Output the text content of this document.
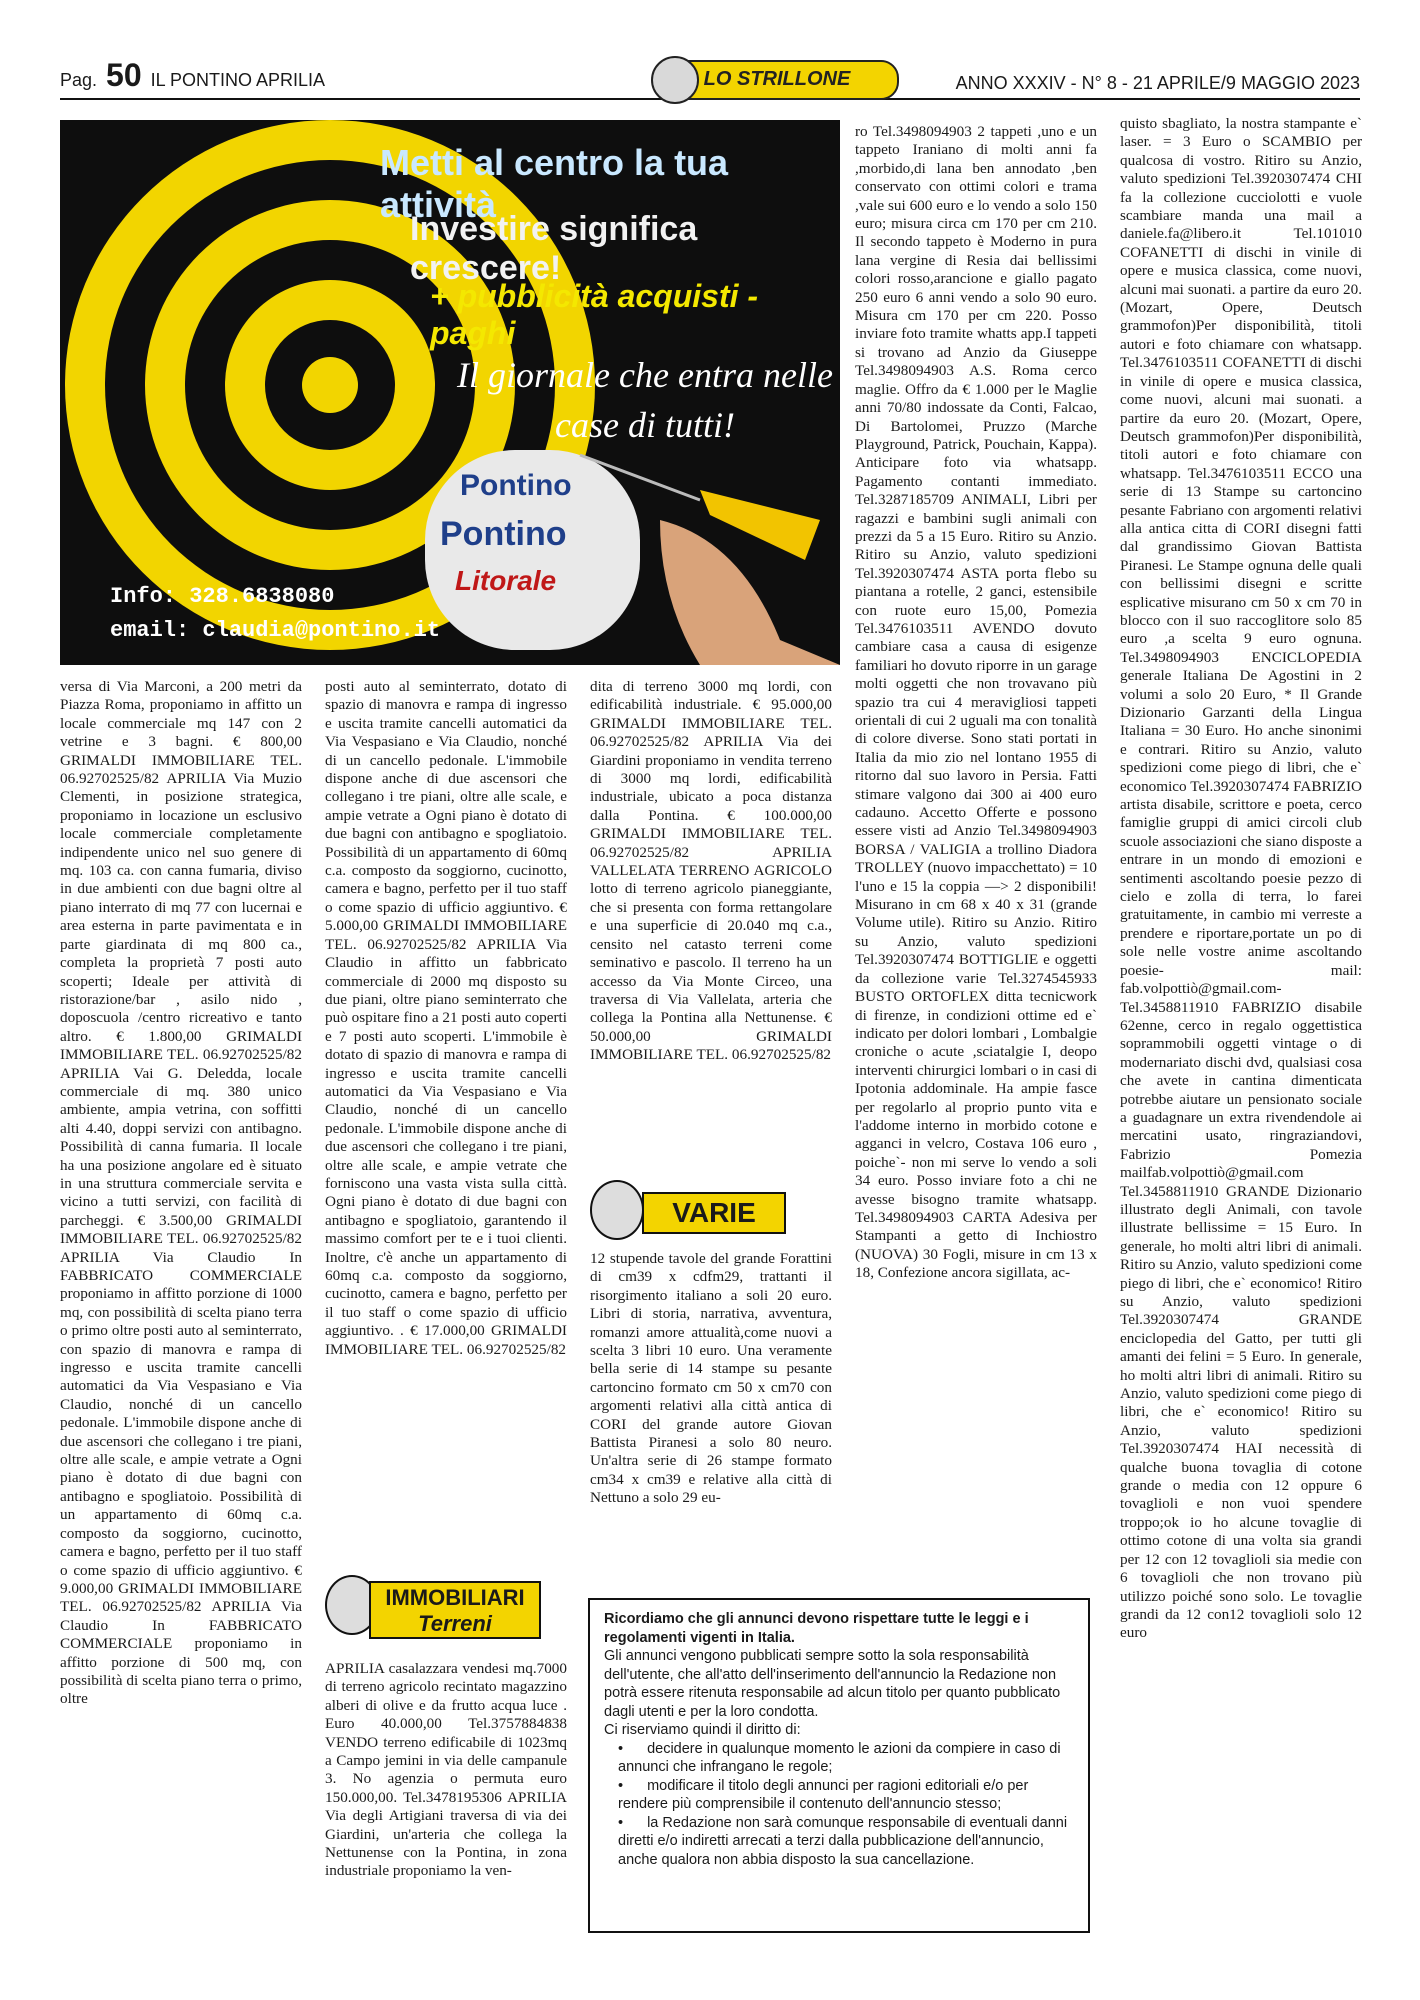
Pag. 50 IL PONTINO APRILIA	LO STRILLONE	ANNO XXXIV - N° 8 - 21 APRILE/9 MAGGIO 2023
Pontino
Pontino
Litorale
Metti al centro la tua attività
Investire significa crescere!
+ pubblicità acquisti - paghi
Il giornale che entra nelle case di tutti!
Info: 328.6838080
email: claudia@pontino.it

versa di Via Marconi, a 200 metri da Piazza Roma, proponiamo in affitto un locale commerciale mq 147 con 2 vetrine e 3 bagni. € 800,00 GRIMALDI IMMOBILIARE TEL. 06.92702525/82 APRILIA Via Muzio Clementi, in posizione strategica, proponiamo in locazione un esclusivo locale commerciale completamente indipendente unico nel suo genere di mq. 103 ca. con canna fumaria, diviso in due ambienti con due bagni oltre al piano interrato di mq 77 con lucernai e area esterna in parte pavimentata e in parte giardinata di mq 800 ca., completa la proprietà 7 posti auto scoperti; Ideale per attività di ristorazione/bar , asilo nido , doposcuola /centro ricreativo e tanto altro. € 1.800,00 GRIMALDI IMMOBILIARE TEL. 06.92702525/82 APRILIA Vai G. Deledda, locale commerciale di mq. 380 unico ambiente, ampia vetrina, con soffitti alti 4.40, doppi servizi con antibagno. Possibilità di canna fumaria. Il locale ha una posizione angolare ed è situato in una struttura commerciale servita e vicino a tutti servizi, con facilità di parcheggi. € 3.500,00 GRIMALDI IMMOBILIARE TEL. 06.92702525/82 APRILIA Via Claudio In FABBRICATO COMMERCIALE proponiamo in affitto porzione di 1000 mq, con possibilità di scelta piano terra o primo oltre posti auto al seminterrato, con spazio di manovra e rampa di ingresso e uscita tramite cancelli automatici da Via Vespasiano e Via Claudio, nonché di un cancello pedonale. L'immobile dispone anche di due ascensori che collegano i tre piani, oltre alle scale, e ampie vetrate a Ogni piano è dotato di due bagni con antibagno e spogliatoio. Possibilità di un appartamento di 60mq c.a. composto da soggiorno, cucinotto, camera e bagno, perfetto per il tuo staff o come spazio di ufficio aggiuntivo. € 9.000,00 GRIMALDI IMMOBILIARE TEL. 06.92702525/82 APRILIA Via Claudio In FABBRICATO COMMERCIALE proponiamo in affitto porzione di 500 mq, con possibilità di scelta piano terra o primo, oltre

posti auto al seminterrato, dotato di spazio di manovra e rampa di ingresso e uscita tramite cancelli automatici da Via Vespasiano e Via Claudio, nonché di un cancello pedonale. L'immobile dispone anche di due ascensori che collegano i tre piani, oltre alle scale, e ampie vetrate a Ogni piano è dotato di due bagni con antibagno e spogliatoio. Possibilità di un appartamento di 60mq c.a. composto da soggiorno, cucinotto, camera e bagno, perfetto per il tuo staff o come spazio di ufficio aggiuntivo. € 5.000,00 GRIMALDI IMMOBILIARE TEL. 06.92702525/82 APRILIA Via Claudio in affitto un fabbricato commerciale di 2000 mq disposto su due piani, oltre piano seminterrato che può ospitare fino a 21 posti auto coperti e 7 posti auto scoperti. L'immobile è dotato di spazio di manovra e rampa di ingresso e uscita tramite cancelli automatici da Via Vespasiano e Via Claudio, nonché di un cancello pedonale. L'immobile dispone anche di due ascensori che collegano i tre piani, oltre alle scale, e ampie vetrate che forniscono una vasta vista sulla città. Ogni piano è dotato di due bagni con antibagno e spogliatoio, garantendo il massimo comfort per te e i tuoi clienti. Inoltre, c'è anche un appartamento di 60mq c.a. composto da soggiorno, cucinotto, camera e bagno, perfetto per il tuo staff o come spazio di ufficio aggiuntivo. . € 17.000,00 GRIMALDI IMMOBILIARE TEL. 06.92702525/82

IMMOBILIARI
Terreni

APRILIA casalazzara vendesi mq.7000 di terreno agricolo recintato magazzino alberi di olive e da frutto acqua luce . Euro 40.000,00 Tel.3757884838 VENDO terreno edificabile di 1023mq a Campo jemini in via delle campanule 3. No agenzia o permuta euro 150.000,00. Tel.3478195306 APRILIA Via degli Artigiani traversa di via dei Giardini, un'arteria che collega la Nettunense con la Pontina, in zona industriale proponiamo la ven-

dita di terreno 3000 mq lordi, con edificabilità industriale. € 95.000,00 GRIMALDI IMMOBILIARE TEL. 06.92702525/82 APRILIA Via dei Giardini proponiamo in vendita terreno di 3000 mq lordi, edificabilità industriale, ubicato a poca distanza dalla Pontina. € 100.000,00 GRIMALDI IMMOBILIARE TEL. 06.92702525/82 APRILIA VALLELATA TERRENO AGRICOLO lotto di terreno agricolo pianeggiante, che si presenta con forma rettangolare e una superficie di 20.040 mq c.a., censito nel catasto terreni come seminativo e pascolo. Il terreno ha un accesso da Via Monte Circeo, una traversa di Via Vallelata, arteria che collega la Pontina alla Nettunense. € 50.000,00 GRIMALDI IMMOBILIARE TEL. 06.92702525/82

VARIE

12 stupende tavole del grande Forattini di cm39 x cdfm29, trattanti il risorgimento italiano a soli 20 euro. Libri di storia, narrativa, avventura, romanzi amore attualità,come nuovi a scelta 3 libri 10 euro. Una veramente bella serie di 14 stampe su pesante cartoncino formato cm 50 x cm70 con argomenti relativi alla città antica di CORI del grande autore Giovan Battista Piranesi a solo 80 neuro. Un'altra serie di 26 stampe formato cm34 x cm39 e relative alla città di Nettuno a solo 29 eu-

ro Tel.3498094903 2 tappeti ,uno e un tappeto Iraniano di molti anni fa ,morbido,di lana ben annodato ,ben conservato con ottimi colori e trama ,vale sui 600 euro e lo vendo a solo 150 euro; misura circa cm 170 per cm 210. Il secondo tappeto è Moderno in pura lana vergine di Resia dai bellissimi colori rosso,arancione e giallo pagato 250 euro 6 anni vendo a solo 90 euro. Misura cm 170 per cm 220. Posso inviare foto tramite whatts app.I tappeti si trovano ad Anzio da Giuseppe Tel.3498094903 A.S. Roma cerco maglie. Offro da € 1.000 per le Maglie anni 70/80 indossate da Conti, Falcao, Di Bartolomei, Pruzzo (Marche Playground, Patrick, Pouchain, Kappa). Anticipare foto via whatsapp. Pagamento contanti immediato. Tel.3287185709 ANIMALI, Libri per ragazzi e bambini sugli animali con prezzi da 5 a 15 Euro. Ritiro su Anzio. Ritiro su Anzio, valuto spedizioni Tel.3920307474 ASTA porta flebo su piantana a rotelle, 2 ganci, estensibile con ruote euro 15,00, Pomezia Tel.3476103511 AVENDO dovuto cambiare casa a causa di esigenze familiari ho dovuto riporre in un garage molti oggetti che non trovavano più spazio tra cui 4 meravigliosi tappeti orientali di cui 2 uguali ma con tonalità di colore diverse. Sono stati portati in Italia da mio zio nel lontano 1955 di ritorno dal suo lavoro in Persia. Fatti stimare valgono dai 300 ai 400 euro cadauno. Accetto Offerte e possono essere visti ad Anzio Tel.3498094903 BORSA / VALIGIA a trollino Diadora TROLLEY (nuovo impacchettato) = 10 l'uno e 15 la coppia —> 2 disponibili! Misurano in cm 68 x 40 x 31 (grande Volume utile). Ritiro su Anzio. Ritiro su Anzio, valuto spedizioni Tel.3920307474 BOTTIGLIE e oggetti da collezione varie Tel.3274545933 BUSTO ORTOFLEX ditta tecnicwork di firenze, in condizioni ottime ed e` indicato per dolori lombari , Lombalgie croniche o acute ,sciatalgie I, deopo interventi chirurgici lombari o in casi di Ipotonia addominale. Ha ampie fasce per regolarlo al proprio punto vita e l'addome interno in morbido cotone e agganci in velcro, Costava 106 euro , poiche`- non mi serve lo vendo a soli 34 euro. Posso inviare foto a chi ne avesse bisogno tramite whatsapp. Tel.3498094903 CARTA Adesiva per Stampanti a getto di Inchiostro (NUOVA) 30 Fogli, misure in cm 13 x 18, Confezione ancora sigillata, ac-

quisto sbagliato, la nostra stampante e` laser. = 3 Euro o SCAMBIO per qualcosa di vostro. Ritiro su Anzio, valuto spedizioni Tel.3920307474 CHI fa la collezione cucciolotti e vuole scambiare manda una mail a daniele.fa@libero.it Tel.101010 COFANETTI di dischi in vinile di opere e musica classica, come nuovi, alcuni mai suonati. a partire da euro 20. (Mozart, Opere, Deutsch grammofon)Per disponibilità, titoli autori e foto chiamare con whatsapp. Tel.3476103511 COFANETTI di dischi in vinile di opere e musica classica, come nuovi, alcuni mai suonati. a partire da euro 20. (Mozart, Opere, Deutsch grammofon)Per disponibilità, titoli autori e foto chiamare con whatsapp. Tel.3476103511 ECCO una serie di 13 Stampe su cartoncino pesante Fabriano con argomenti relativi alla antica citta di CORI disegni fatti dal grandissimo Giovan Battista Piranesi. Le Stampe ognuna delle quali con bellissimi disegni e scritte esplicative misurano cm 50 x cm 70 in blocco con il suo raccoglitore solo 85 euro ,a scelta 9 euro ognuna. Tel.3498094903 ENCICLOPEDIA generale Italiana De Agostini in 2 volumi a solo 20 Euro, * Il Grande Dizionario Garzanti della Lingua Italiana = 30 Euro. Ho anche sinonimi e contrari. Ritiro su Anzio, valuto spedizioni come piego di libri, che e` economico Tel.3920307474 FABRIZIO artista disabile, scrittore e poeta, cerco famiglie gruppi di amici circoli club scuole associazioni che siano disposte a entrare in un mondo di emozioni e sentimenti ascoltando poesie pezzo di cielo e zolla di terra, lo farei gratuitamente, in cambio mi verreste a prendere e riportare,portate un po di sole nelle vostre anime ascoltando poesie- mail: fab.volpottiò@gmail.com-Tel.3458811910 FABRIZIO disabile 62enne, cerco in regalo oggettistica soprammobili oggetti vintage o di modernariato dischi dvd, qualsiasi cosa che avete in cantina dimenticata potrebbe aiutare un pensionato sociale a guadagnare un extra rivendendole ai mercatini usato, ringraziandovi, Fabrizio Pomezia mailfab.volpottiò@gmail.com Tel.3458811910 GRANDE Dizionario illustrato degli Animali, con tavole illustrate bellissime = 15 Euro. In generale, ho molti altri libri di animali. Ritiro su Anzio, valuto spedizioni come piego di libri, che e` economico! Ritiro su Anzio, valuto spedizioni Tel.3920307474 GRANDE enciclopedia del Gatto, per tutti gli amanti dei felini = 5 Euro. In generale, ho molti altri libri di animali. Ritiro su Anzio, valuto spedizioni come piego di libri, che e` economico! Ritiro su Anzio, valuto spedizioni Tel.3920307474 HAI necessità di qualche buona tovaglia di cotone grande o media con 12 oppure 6 tovaglioli e non vuoi spendere troppo;ok io ho alcune tovaglie di ottimo cotone di una volta sia grandi per 12 con 12 tovaglioli sia medie con 6 tovaglioli che non trovano più utilizzo poiché sono solo. Le tovaglie grandi da 12 con12 tovaglioli solo 12 euro

Ricordiamo che gli annunci devono rispettare tutte le leggi e i regolamenti vigenti in Italia.
Gli annunci vengono pubblicati sempre sotto la sola responsabilità dell'utente, che all'atto dell'inserimento dell'annuncio la Redazione non potrà essere ritenuta responsabile ad alcun titolo per quanto pubblicato dagli utenti e per la loro condotta.
Ci riserviamo quindi il diritto di:
• decidere in qualunque momento le azioni da compiere in caso di annunci che infrangano le regole;
• modificare il titolo degli annunci per ragioni editoriali e/o per rendere più comprensibile il contenuto dell'annuncio stesso;
• la Redazione non sarà comunque responsabile di eventuali danni diretti e/o indiretti arrecati a terzi dalla pubblicazione dell'annuncio, anche qualora non abbia disposto la sua cancellazione.
